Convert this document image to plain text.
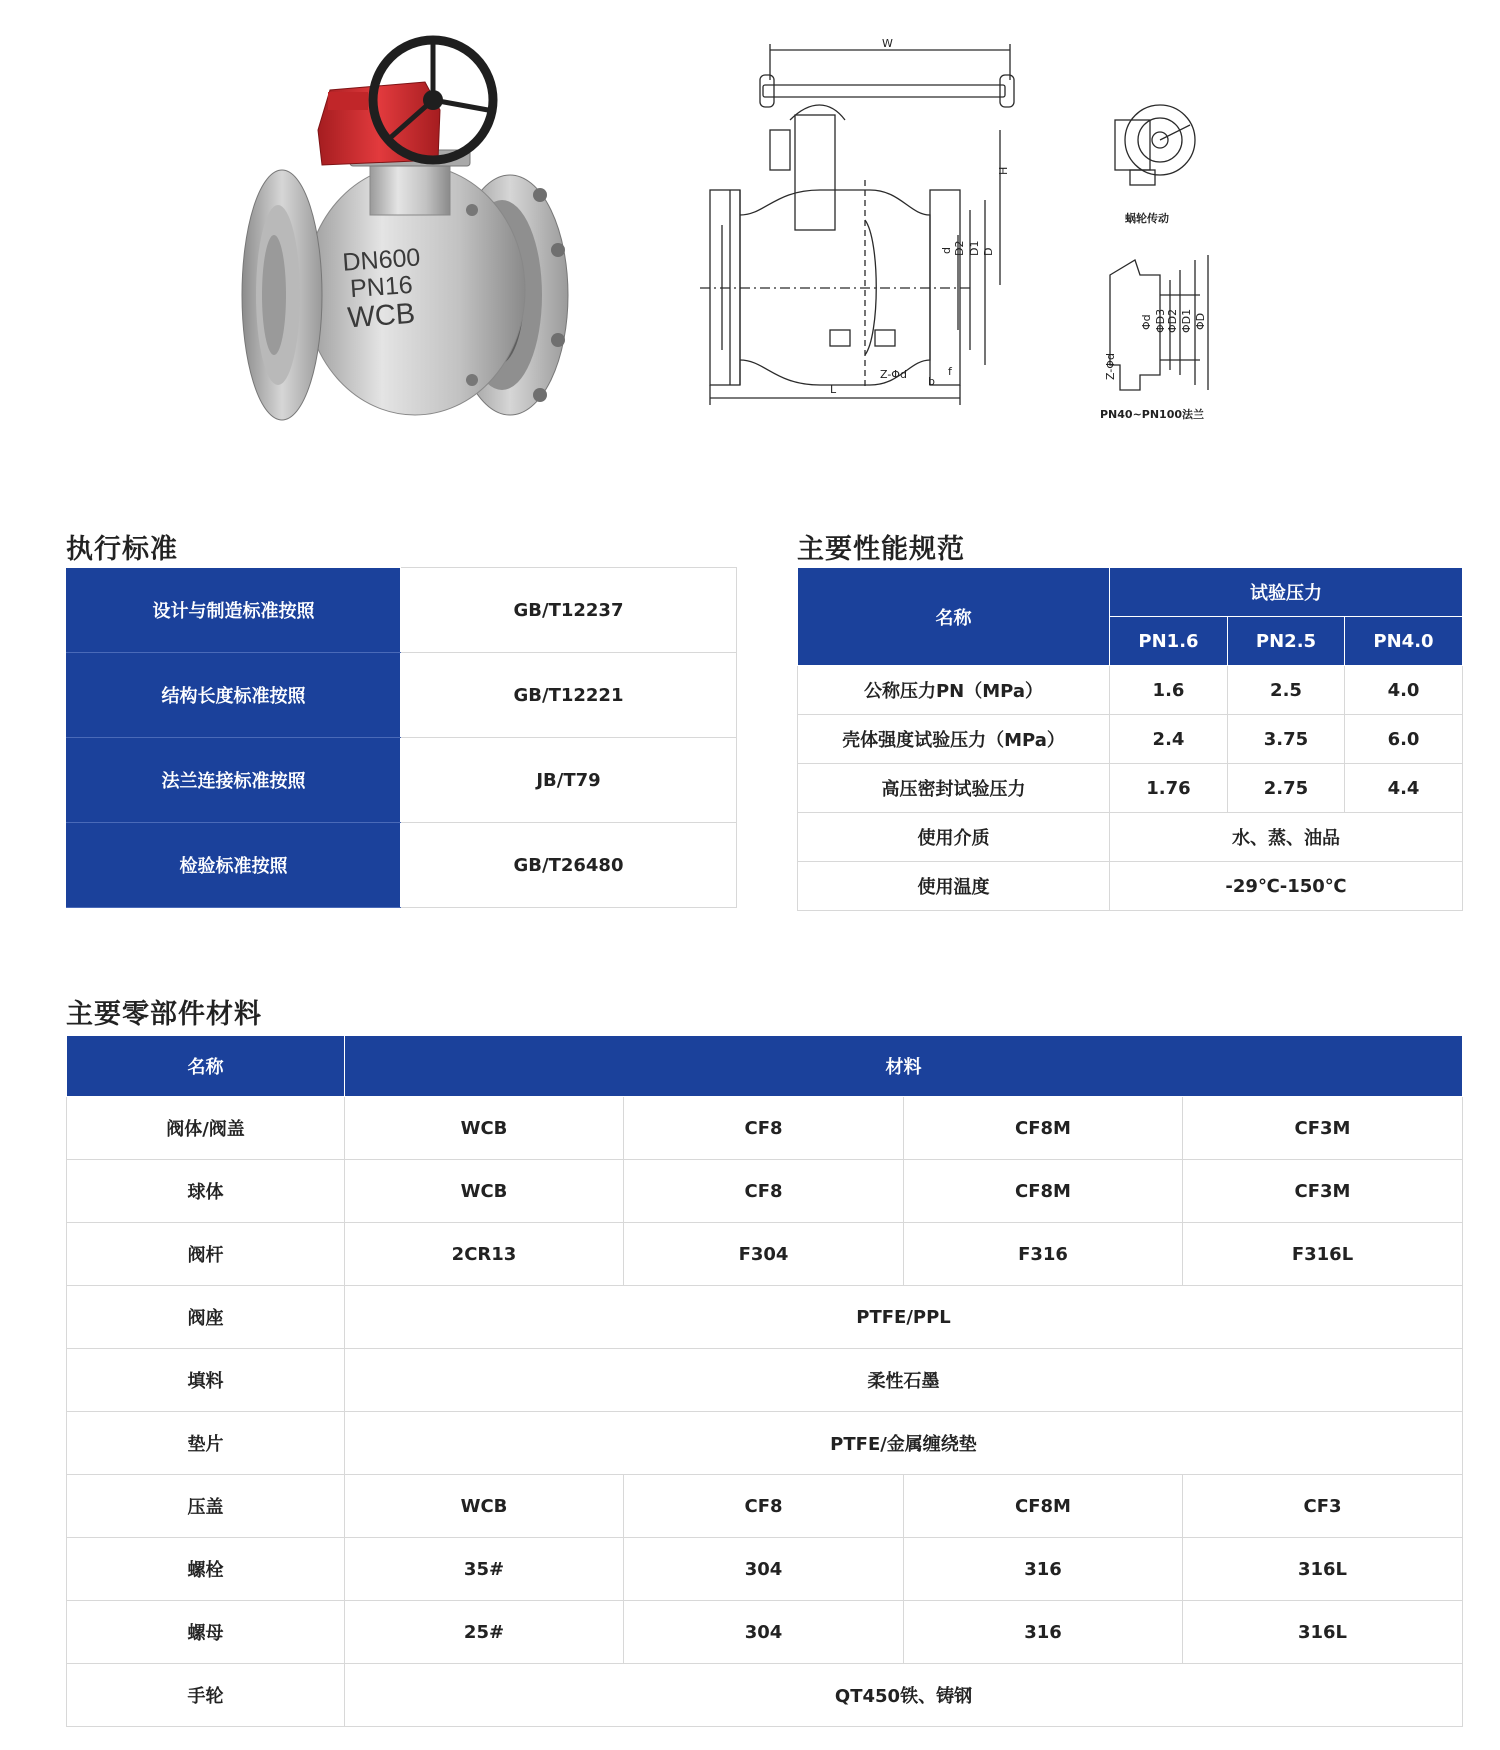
DN600
PN16
WCB
W
d D2 D1 D
H
L
Z-Φd
b
f
蜗轮传动
Φd ΦD3 ΦD2 ΦD1 ΦD
Z-Φd
PN40~PN100法兰
执行标准
设计与制造标准按照	GB/T12237
结构长度标准按照	GB/T12221
法兰连接标准按照	JB/T79
检验标准按照	GB/T26480
主要性能规范
名称	试验压力		
	PN1.6	PN2.5	PN4.0
公称压力PN（MPa）	1.6	2.5	4.0
壳体强度试验压力（MPa）	2.4	3.75	6.0
高压密封试验压力	1.76	2.75	4.4
使用介质	水、蒸、油品		
使用温度	-29℃-150℃		
主要零部件材料
名称	材料			
阀体/阀盖	WCB	CF8	CF8M	CF3M
球体	WCB	CF8	CF8M	CF3M
阀杆	2CR13	F304	F316	F316L
阀座	PTFE/PPL			
填料	柔性石墨			
垫片	PTFE/金属缠绕垫			
压盖	WCB	CF8	CF8M	CF3
螺栓	35#	304	316	316L
螺母	25#	304	316	316L
手轮	QT450铁、铸钢			
